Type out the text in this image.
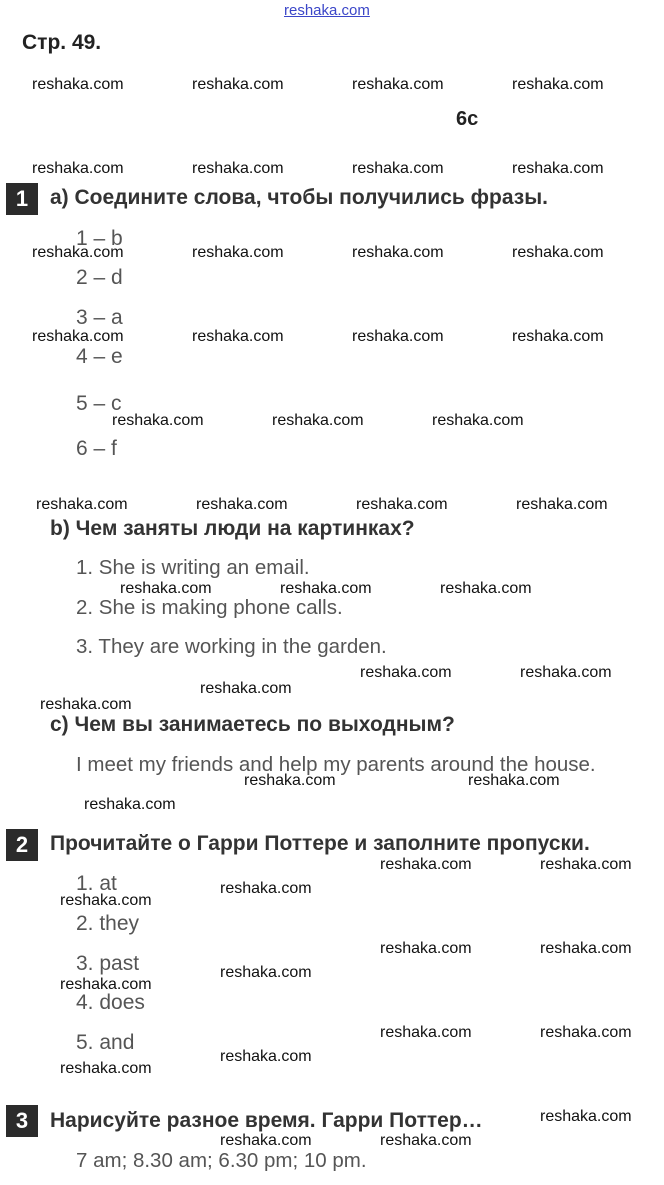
reshaka.com
Стр. 49.
6c
1	a) Соедините слова, чтобы получились фразы.
1 – b
2 – d
3 – a
4 – e
5 – c
6 – f
b) Чем заняты люди на картинках?
1. She is writing an email.
2. She is making phone calls.
3. They are working in the garden.
c) Чем вы занимаетесь по выходным?
I meet my friends and help my parents around the house.
2	Прочитайте о Гарри Поттере и заполните пропуски.
1. at
2. they
3. past
4. does
5. and
3	Нарисуйте разное время. Гарри Поттер…
7 am; 8.30 am; 6.30 pm; 10 pm.
reshaka.com	reshaka.com	reshaka.com	reshaka.com
reshaka.com	reshaka.com	reshaka.com	reshaka.com
reshaka.com	reshaka.com	reshaka.com	reshaka.com
reshaka.com	reshaka.com	reshaka.com	reshaka.com
reshaka.com	reshaka.com	reshaka.com
reshaka.com	reshaka.com	reshaka.com	reshaka.com
reshaka.com	reshaka.com	reshaka.com
reshaka.com	reshaka.com
reshaka.com
reshaka.com
reshaka.com	reshaka.com
reshaka.com
reshaka.com	reshaka.com
reshaka.com
reshaka.com
reshaka.com	reshaka.com
reshaka.com
reshaka.com
reshaka.com	reshaka.com
reshaka.com
reshaka.com
reshaka.com
reshaka.com	reshaka.com
